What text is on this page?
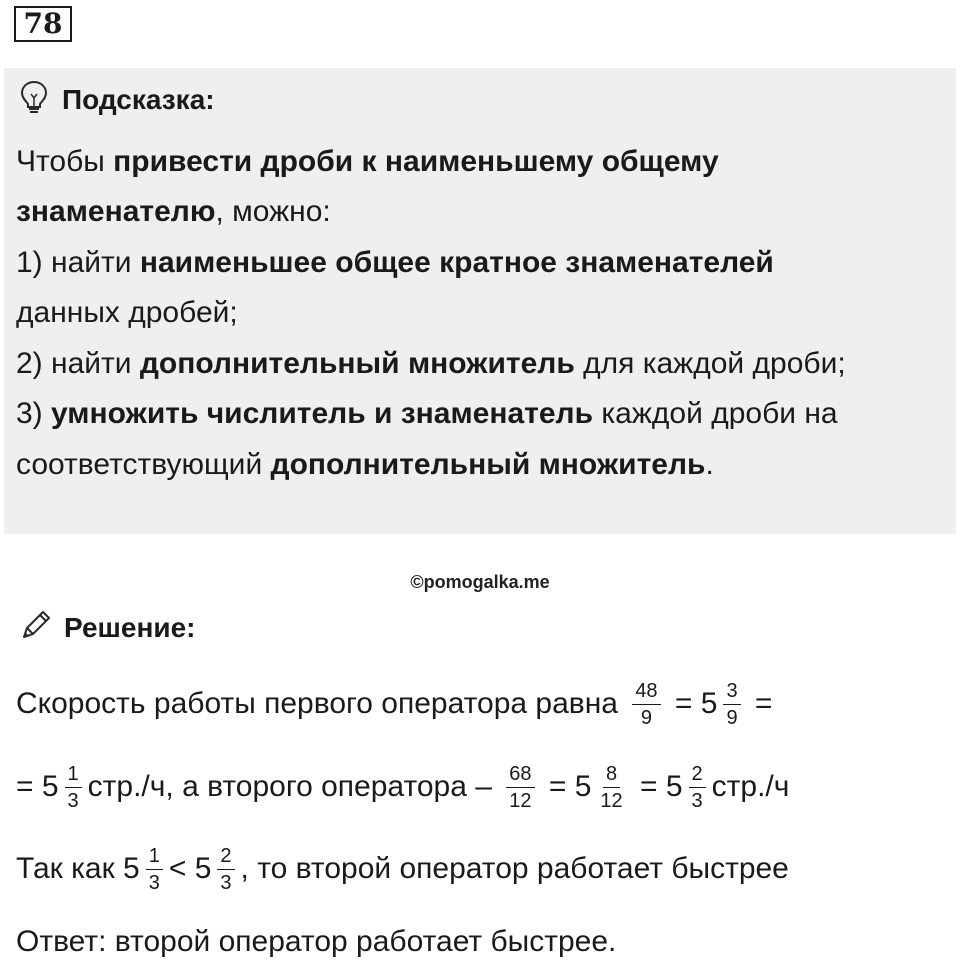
78
Подсказка:
Чтобы привести дроби к наименьшему общему
знаменателю, можно:
1) найти наименьшее общее кратное знаменателей
данных дробей;
2) найти дополнительный множитель для каждой дроби;
3) умножить числитель и знаменатель каждой дроби на
соответствующий дополнительный множитель.
©pomogalka.me
Решение:
Скорость работы первого оператора равна $\frac{48}{9} = 5 \frac{3}{9}$ =
= $5 \frac{1}{3} стр./ч$, а второго оператора – $\frac{68}{12} = 5 \frac{8}{12} = 5 \frac{2}{3} стр./ч$
Так как $5 \frac{1}{3} < 5 \frac{2}{3}$ , то второй оператор работает быстрее
Ответ: второй оператор работает быстрее.
